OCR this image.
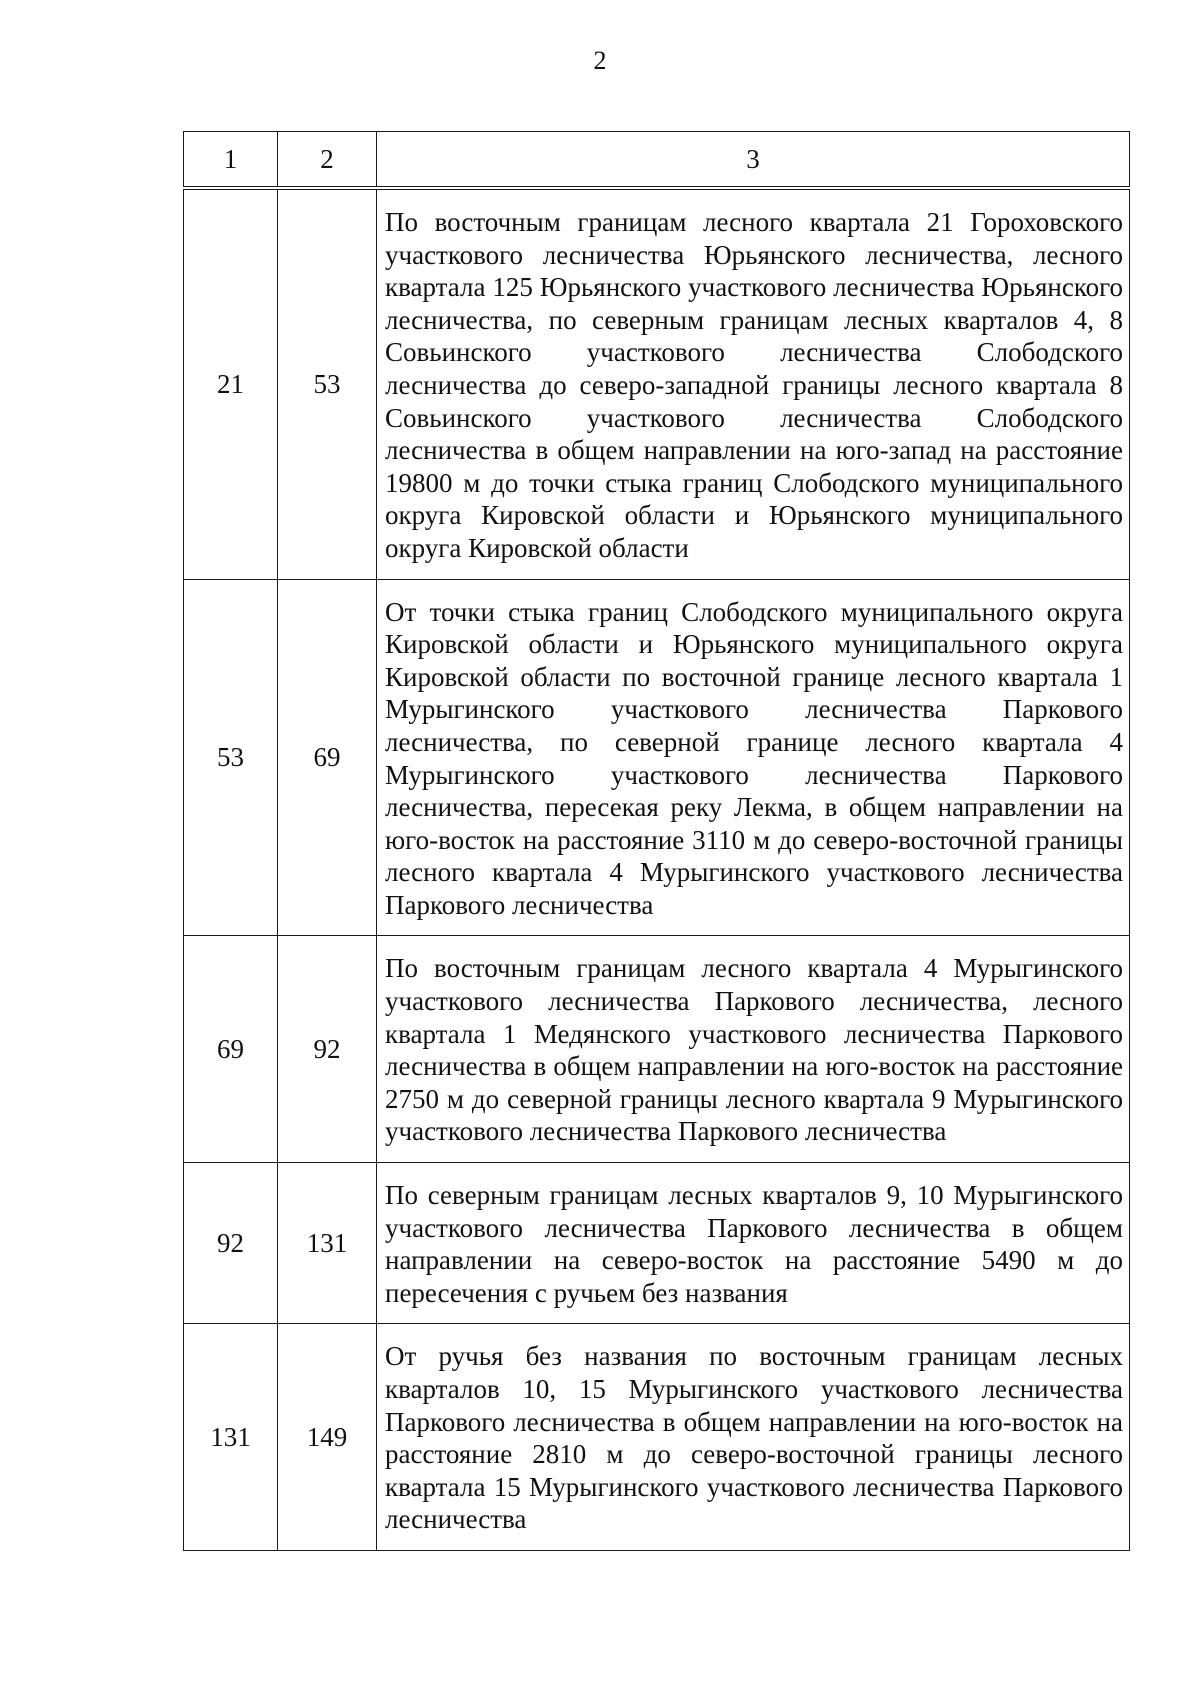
2
1	2	3
21	53	По восточным границам лесного квартала 21 Гороховского участкового лесничества Юрьянского лесничества, лесного квартала 125 Юрьянского участкового лесничества Юрьянского лесничества, по северным границам лесных кварталов 4, 8 Совьинского участкового лесничества Слободского лесничества до северо-западной границы лесного квартала 8 Совьинского участкового лесничества Слободского лесничества в общем направлении на юго-запад на расстояние 19800 м до точки стыка границ Слободского муниципального округа Кировской области и Юрьянского муниципального округа Кировской области
53	69	От точки стыка границ Слободского муниципального округа Кировской области и Юрьянского муниципального округа Кировской области по восточной границе лесного квартала 1 Мурыгинского участкового лесничества Паркового лесничества, по северной границе лесного квартала 4 Мурыгинского участкового лесничества Паркового лесничества, пересекая реку Лекма, в общем направлении на юго-восток на расстояние 3110 м до северо-восточной границы лесного квартала 4 Мурыгинского участкового лесничества Паркового лесничества
69	92	По восточным границам лесного квартала 4 Мурыгинского участкового лесничества Паркового лесничества, лесного квартала 1 Медянского участкового лесничества Паркового лесничества в общем направлении на юго-восток на расстояние 2750 м до северной границы лесного квартала 9 Мурыгинского участкового лесничества Паркового лесничества
92	131	По северным границам лесных кварталов 9, 10 Мурыгинского участкового лесничества Паркового лесничества в общем направлении на северо-восток на расстояние 5490 м до пересечения с ручьем без названия
131	149	От ручья без названия по восточным границам лесных кварталов 10, 15 Мурыгинского участкового лесничества Паркового лесничества в общем направлении на юго-восток на расстояние 2810 м до северо-восточной границы лесного квартала 15 Мурыгинского участкового лесничества Паркового лесничества
